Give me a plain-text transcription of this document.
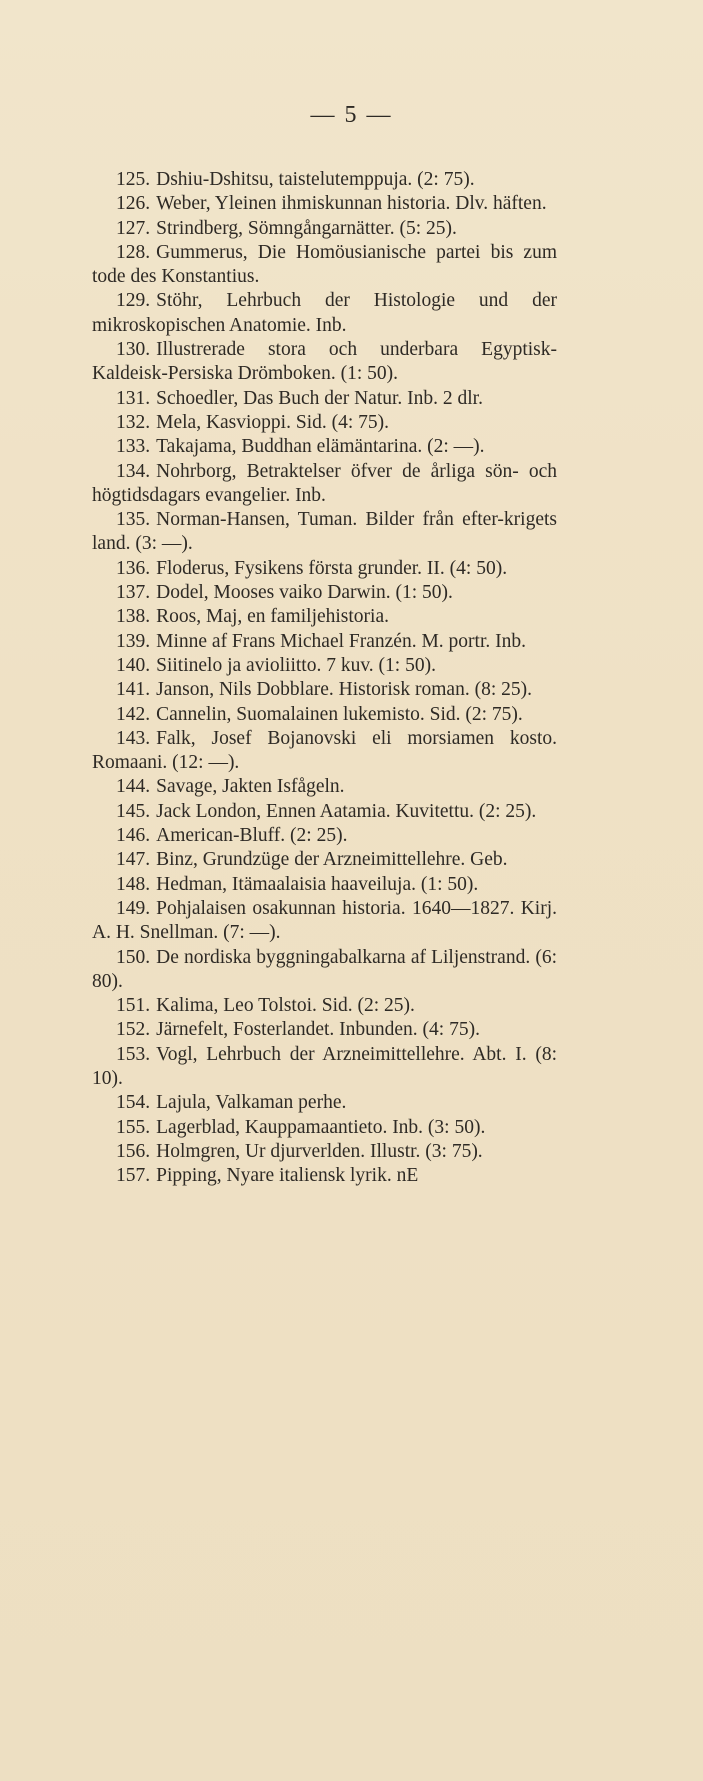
— 5 —

125. Dshiu-Dshitsu, taistelutemppuja. (2: 75).

126. Weber, Yleinen ihmiskunnan historia. Dlv. häften.

127. Strindberg, Sömngångarnätter. (5: 25).

128. Gummerus, Die Homöusianische partei bis zum tode des Konstantius.

129. Stöhr, Lehrbuch der Histologie und der mikroskopischen Anatomie. Inb.

130. Illustrerade stora och underbara Egyptisk-Kaldeisk-Persiska Drömboken. (1: 50).

131. Schoedler, Das Buch der Natur. Inb. 2 dlr.

132. Mela, Kasvioppi. Sid. (4: 75).

133. Takajama, Buddhan elämäntarina. (2: —).

134. Nohrborg, Betraktelser öfver de årliga sön- och högtidsdagars evangelier. Inb.

135. Norman-Hansen, Tuman. Bilder från efter-krigets land. (3: —).

136. Floderus, Fysikens första grunder. II. (4: 50).

137. Dodel, Mooses vaiko Darwin. (1: 50).

138. Roos, Maj, en familjehistoria.

139. Minne af Frans Michael Franzén. M. portr. Inb.

140. Siitinelo ja avioliitto. 7 kuv. (1: 50).

141. Janson, Nils Dobblare. Historisk roman. (8: 25).

142. Cannelin, Suomalainen lukemisto. Sid. (2: 75).

143. Falk, Josef Bojanovski eli morsiamen kosto. Romaani. (12: —).

144. Savage, Jakten Isfågeln.

145. Jack London, Ennen Aatamia. Kuvitettu. (2: 25).

146. American-Bluff. (2: 25).

147. Binz, Grundzüge der Arzneimittellehre. Geb.

148. Hedman, Itämaalaisia haaveiluja. (1: 50).

149. Pohjalaisen osakunnan historia. 1640—1827. Kirj. A. H. Snellman. (7: —).

150. De nordiska byggningabalkarna af Liljenstrand. (6: 80).

151. Kalima, Leo Tolstoi. Sid. (2: 25).

152. Järnefelt, Fosterlandet. Inbunden. (4: 75).

153. Vogl, Lehrbuch der Arzneimittellehre. Abt. I. (8: 10).

154. Lajula, Valkaman perhe.

155. Lagerblad, Kauppamaantieto. Inb. (3: 50).

156. Holmgren, Ur djurverlden. Illustr. (3: 75).

157. Pipping, Nyare italiensk lyrik. nE
